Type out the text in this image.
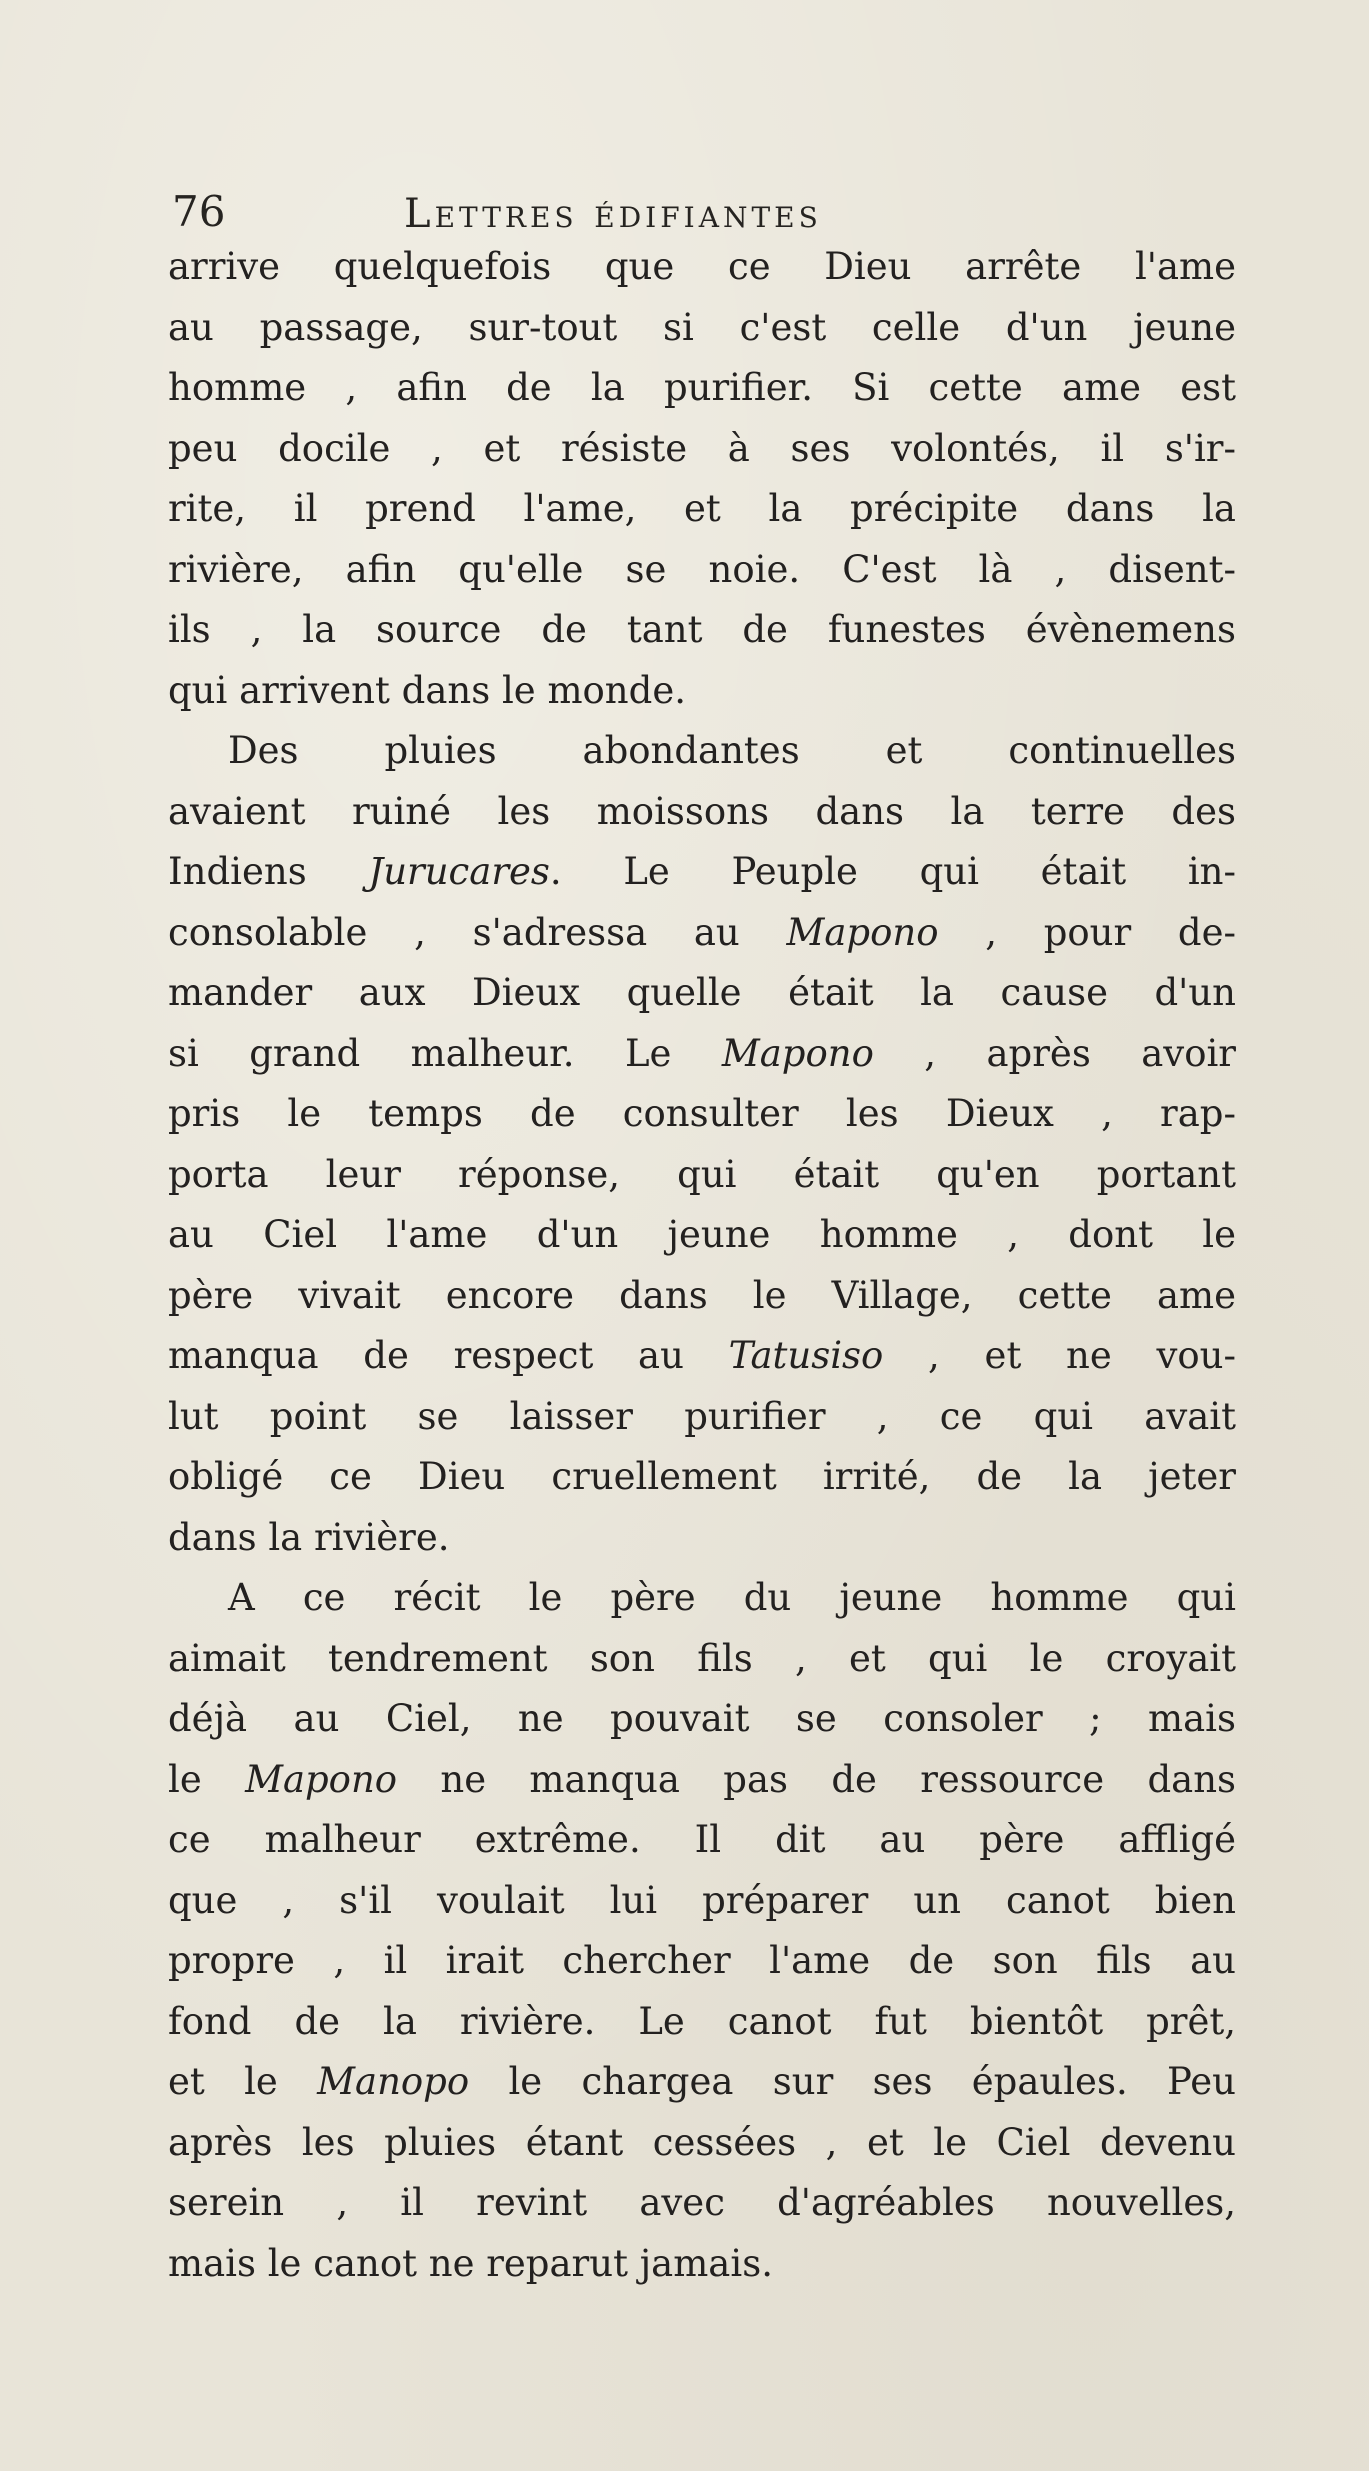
76	Lettres édifiantes
arrive quelquefois que ce Dieu arrête l'ame
au passage, sur-tout si c'est celle d'un jeune
homme , afin de la purifier. Si cette ame est
peu docile , et résiste à ses volontés, il s'ir-
rite, il prend l'ame, et la précipite dans la
rivière, afin qu'elle se noie. C'est là , disent-
ils , la source de tant de funestes évènemens
qui arrivent dans le monde.
Des pluies abondantes et continuelles
avaient ruiné les moissons dans la terre des
Indiens Jurucares. Le Peuple qui était in-
consolable , s'adressa au Mapono , pour de-
mander aux Dieux quelle était la cause d'un
si grand malheur. Le Mapono , après avoir
pris le temps de consulter les Dieux , rap-
porta leur réponse, qui était qu'en portant
au Ciel l'ame d'un jeune homme , dont le
père vivait encore dans le Village, cette ame
manqua de respect au Tatusiso , et ne vou-
lut point se laisser purifier , ce qui avait
obligé ce Dieu cruellement irrité, de la jeter
dans la rivière.
A ce récit le père du jeune homme qui
aimait tendrement son fils , et qui le croyait
déjà au Ciel, ne pouvait se consoler ; mais
le Mapono ne manqua pas de ressource dans
ce malheur extrême. Il dit au père affligé
que , s'il voulait lui préparer un canot bien
propre , il irait chercher l'ame de son fils au
fond de la rivière. Le canot fut bientôt prêt,
et le Manopo le chargea sur ses épaules. Peu
après les pluies étant cessées , et le Ciel devenu
serein , il revint avec d'agréables nouvelles,
mais le canot ne reparut jamais.
